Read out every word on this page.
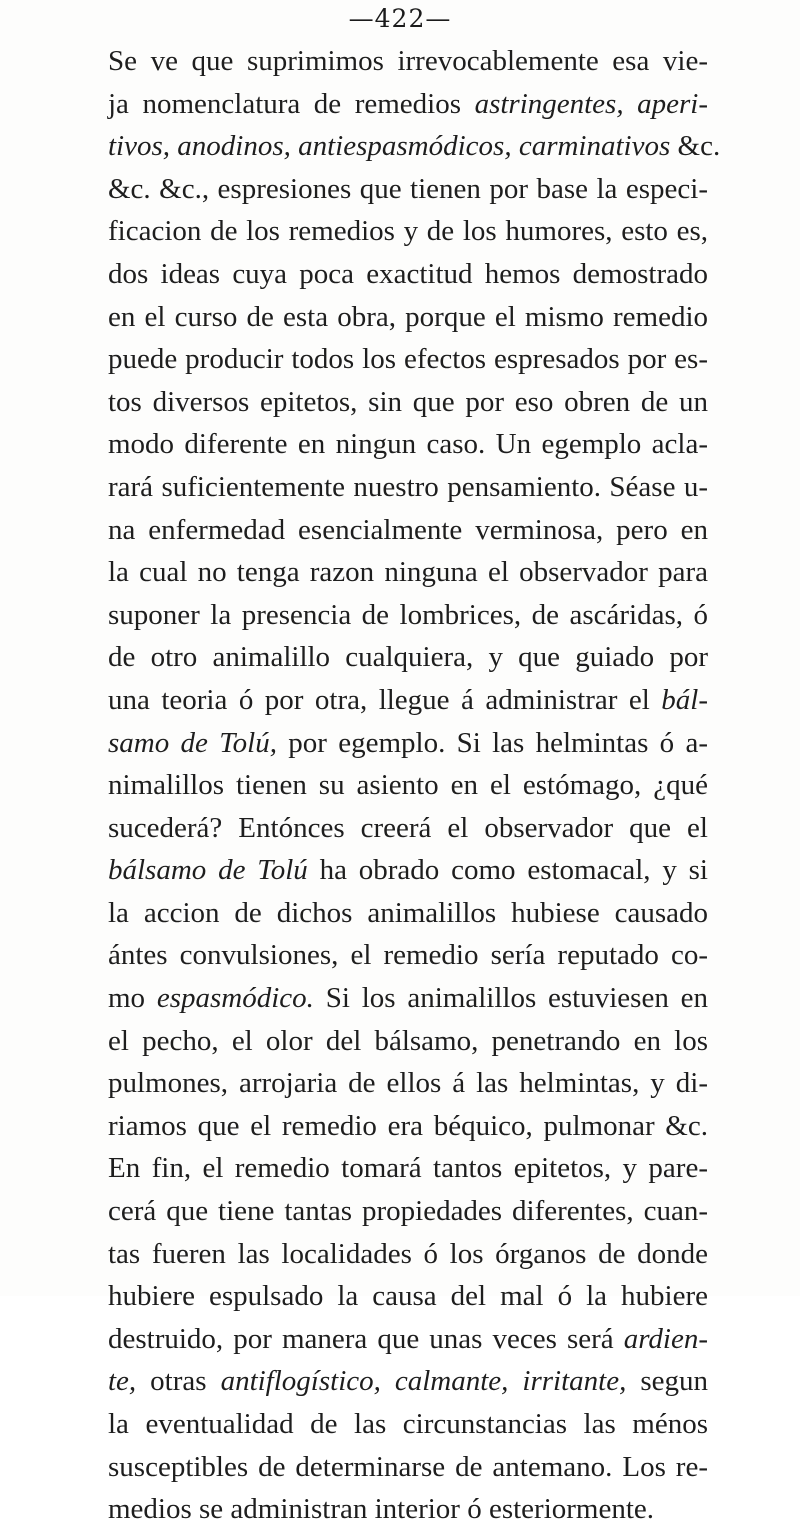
—422—
Se ve que suprimimos irrevocablemente esa vie-
ja nomenclatura de remedios astringentes, aperi-
tivos, anodinos, antiespasmódicos, carminativos &c.
&c. &c., espresiones que tienen por base la especi-
ficacion de los remedios y de los humores, esto es,
dos ideas cuya poca exactitud hemos demostrado
en el curso de esta obra, porque el mismo remedio
puede producir todos los efectos espresados por es-
tos diversos epitetos, sin que por eso obren de un
modo diferente en ningun caso. Un egemplo acla-
rará suficientemente nuestro pensamiento. Séase u-
na enfermedad esencialmente verminosa, pero en
la cual no tenga razon ninguna el observador para
suponer la presencia de lombrices, de ascáridas, ó
de otro animalillo cualquiera, y que guiado por
una teoria ó por otra, llegue á administrar el bál-
samo de Tolú, por egemplo. Si las helmintas ó a-
nimalillos tienen su asiento en el estómago, ¿qué
sucederá? Entónces creerá el observador que el
bálsamo de Tolú ha obrado como estomacal, y si
la accion de dichos animalillos hubiese causado
ántes convulsiones, el remedio sería reputado co-
mo espasmódico. Si los animalillos estuviesen en
el pecho, el olor del bálsamo, penetrando en los
pulmones, arrojaria de ellos á las helmintas, y di-
riamos que el remedio era béquico, pulmonar &c.
En fin, el remedio tomará tantos epitetos, y pare-
cerá que tiene tantas propiedades diferentes, cuan-
tas fueren las localidades ó los órganos de donde
hubiere espulsado la causa del mal ó la hubiere
destruido, por manera que unas veces será ardien-
te, otras antiflogístico, calmante, irritante, segun
la eventualidad de las circunstancias las ménos
susceptibles de determinarse de antemano. Los re-
medios se administran interior ó esteriormente.
